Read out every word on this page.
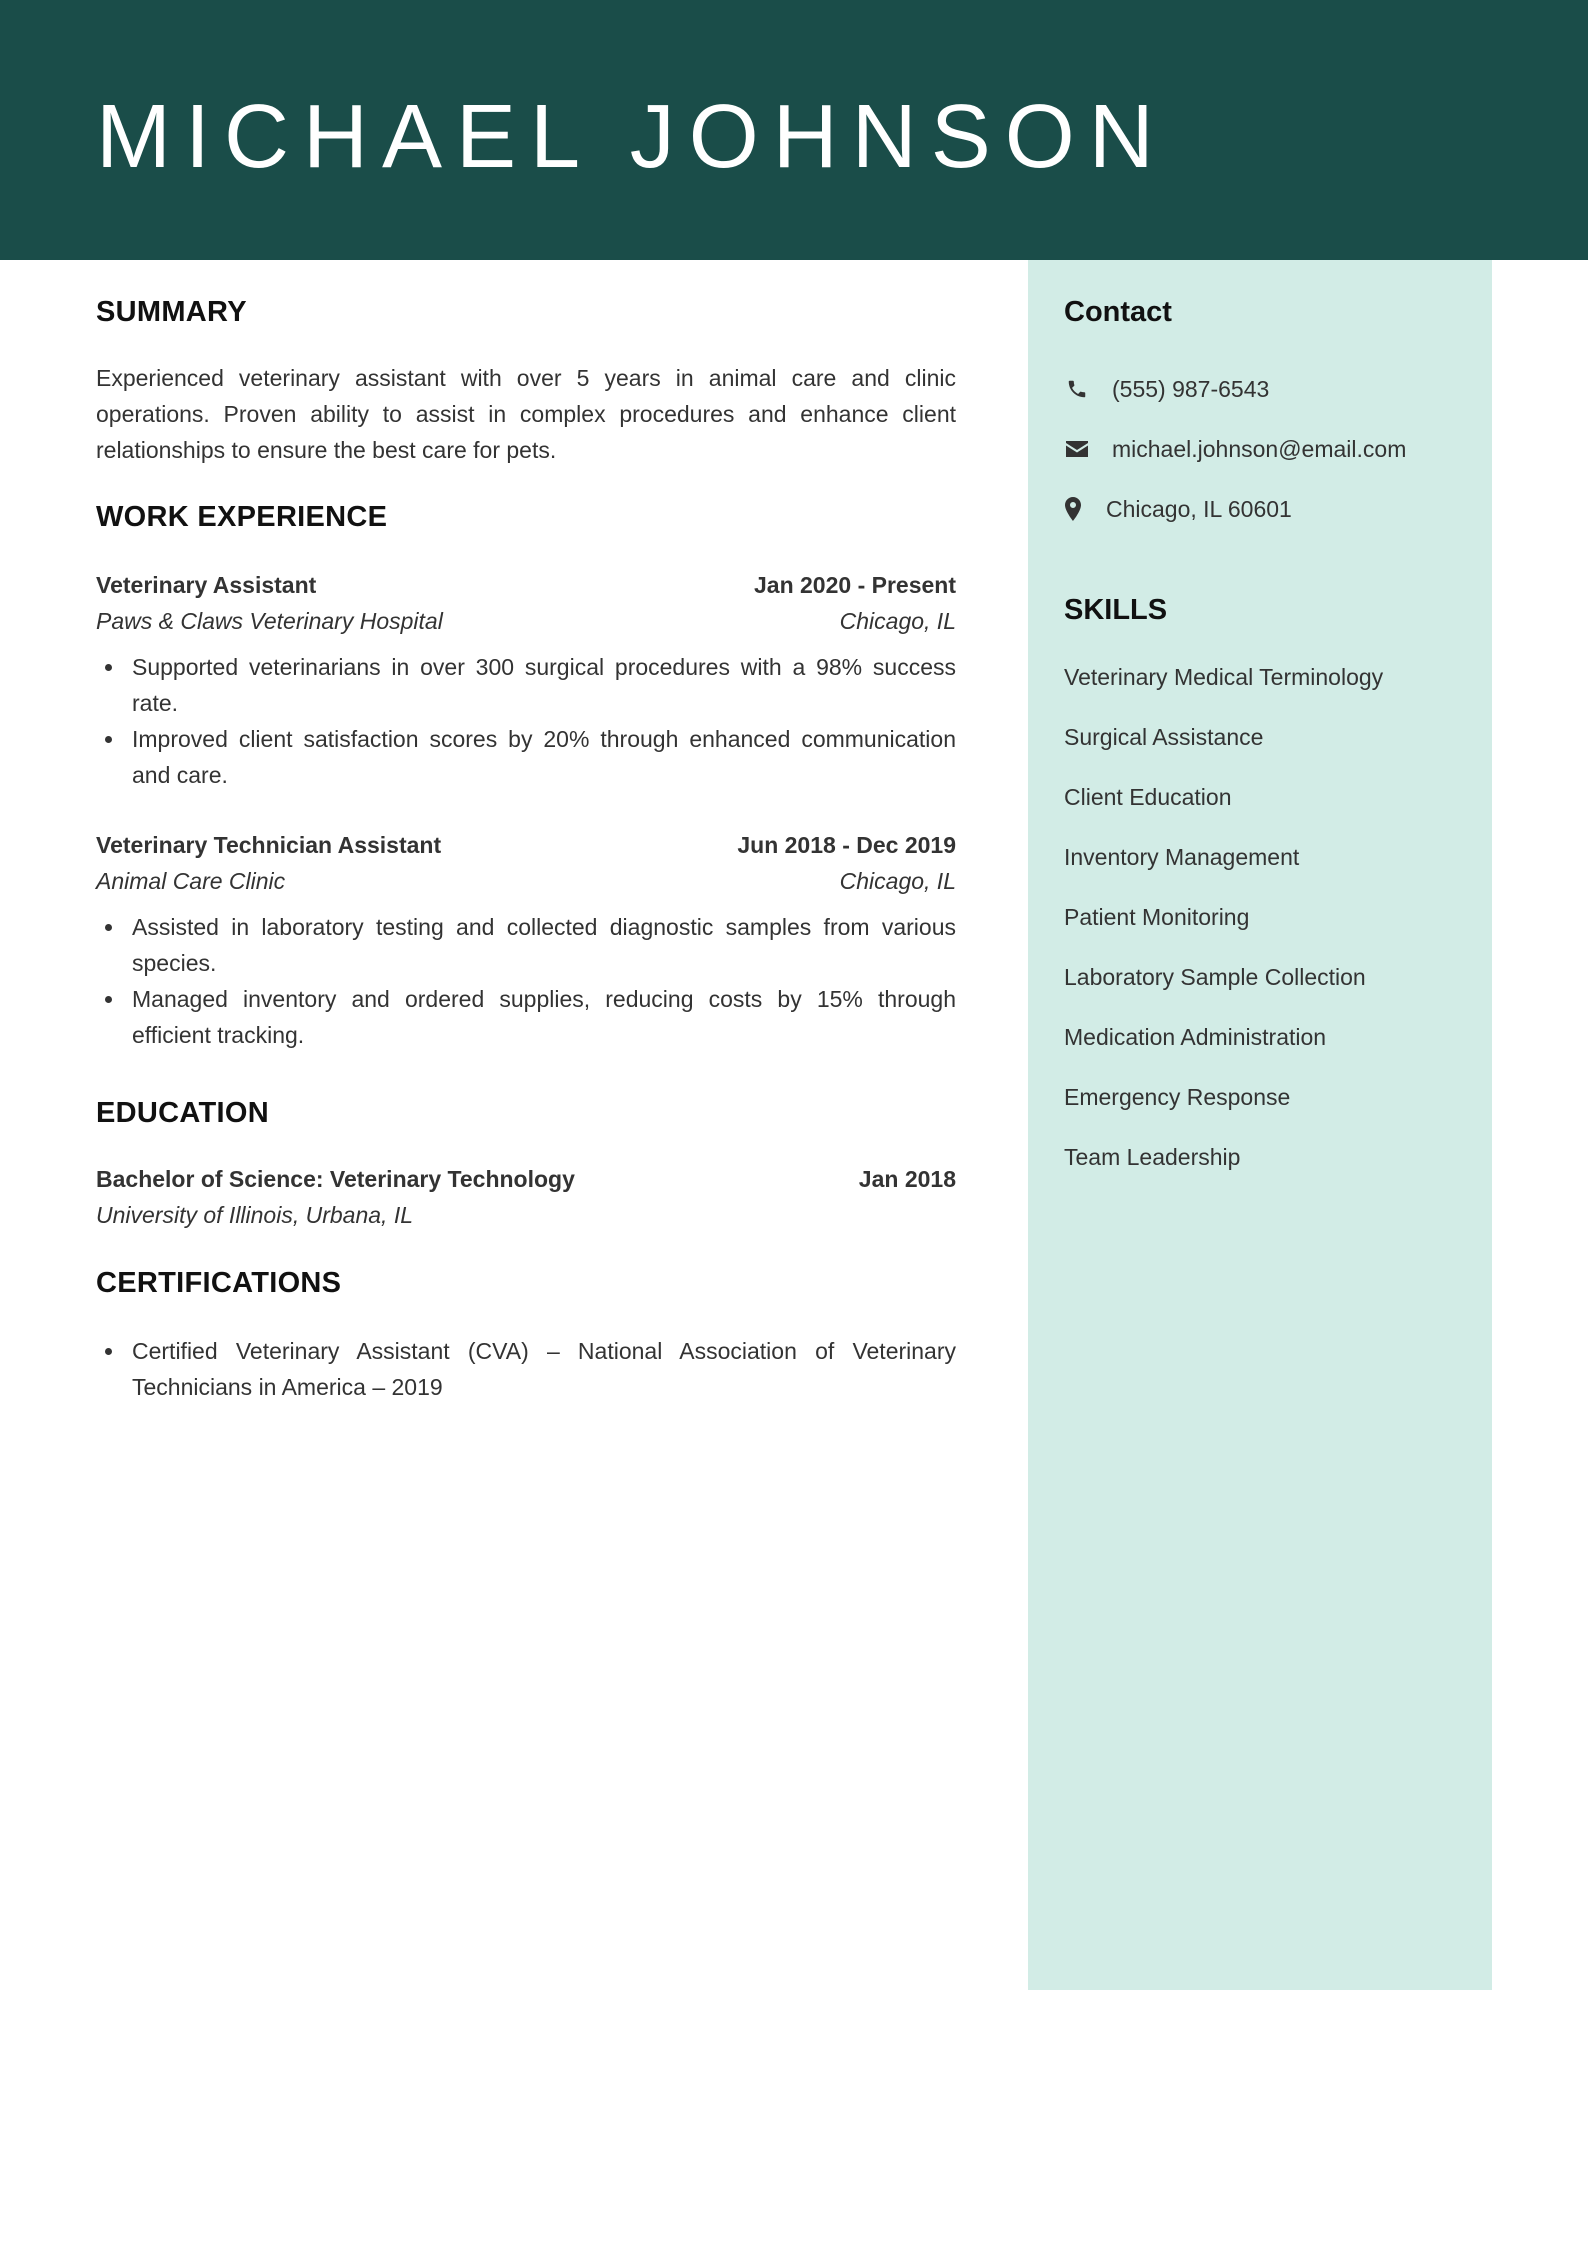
MICHAEL JOHNSON
SUMMARY
Experienced veterinary assistant with over 5 years in animal care and clinic operations. Proven ability to assist in complex procedures and enhance client relationships to ensure the best care for pets.
WORK EXPERIENCE
Veterinary Assistant	Jan 2020 - Present
Paws & Claws Veterinary Hospital	Chicago, IL
Supported veterinarians in over 300 surgical procedures with a 98% success rate.
Improved client satisfaction scores by 20% through enhanced communication and care.
Veterinary Technician Assistant	Jun 2018 - Dec 2019
Animal Care Clinic	Chicago, IL
Assisted in laboratory testing and collected diagnostic samples from various species.
Managed inventory and ordered supplies, reducing costs by 15% through efficient tracking.
EDUCATION
Bachelor of Science: Veterinary Technology	Jan 2018
University of Illinois, Urbana, IL
CERTIFICATIONS
Certified Veterinary Assistant (CVA) – National Association of Veterinary Technicians in America – 2019
Contact
(555) 987-6543
michael.johnson@email.com
Chicago, IL 60601
SKILLS
Veterinary Medical Terminology
Surgical Assistance
Client Education
Inventory Management
Patient Monitoring
Laboratory Sample Collection
Medication Administration
Emergency Response
Team Leadership
